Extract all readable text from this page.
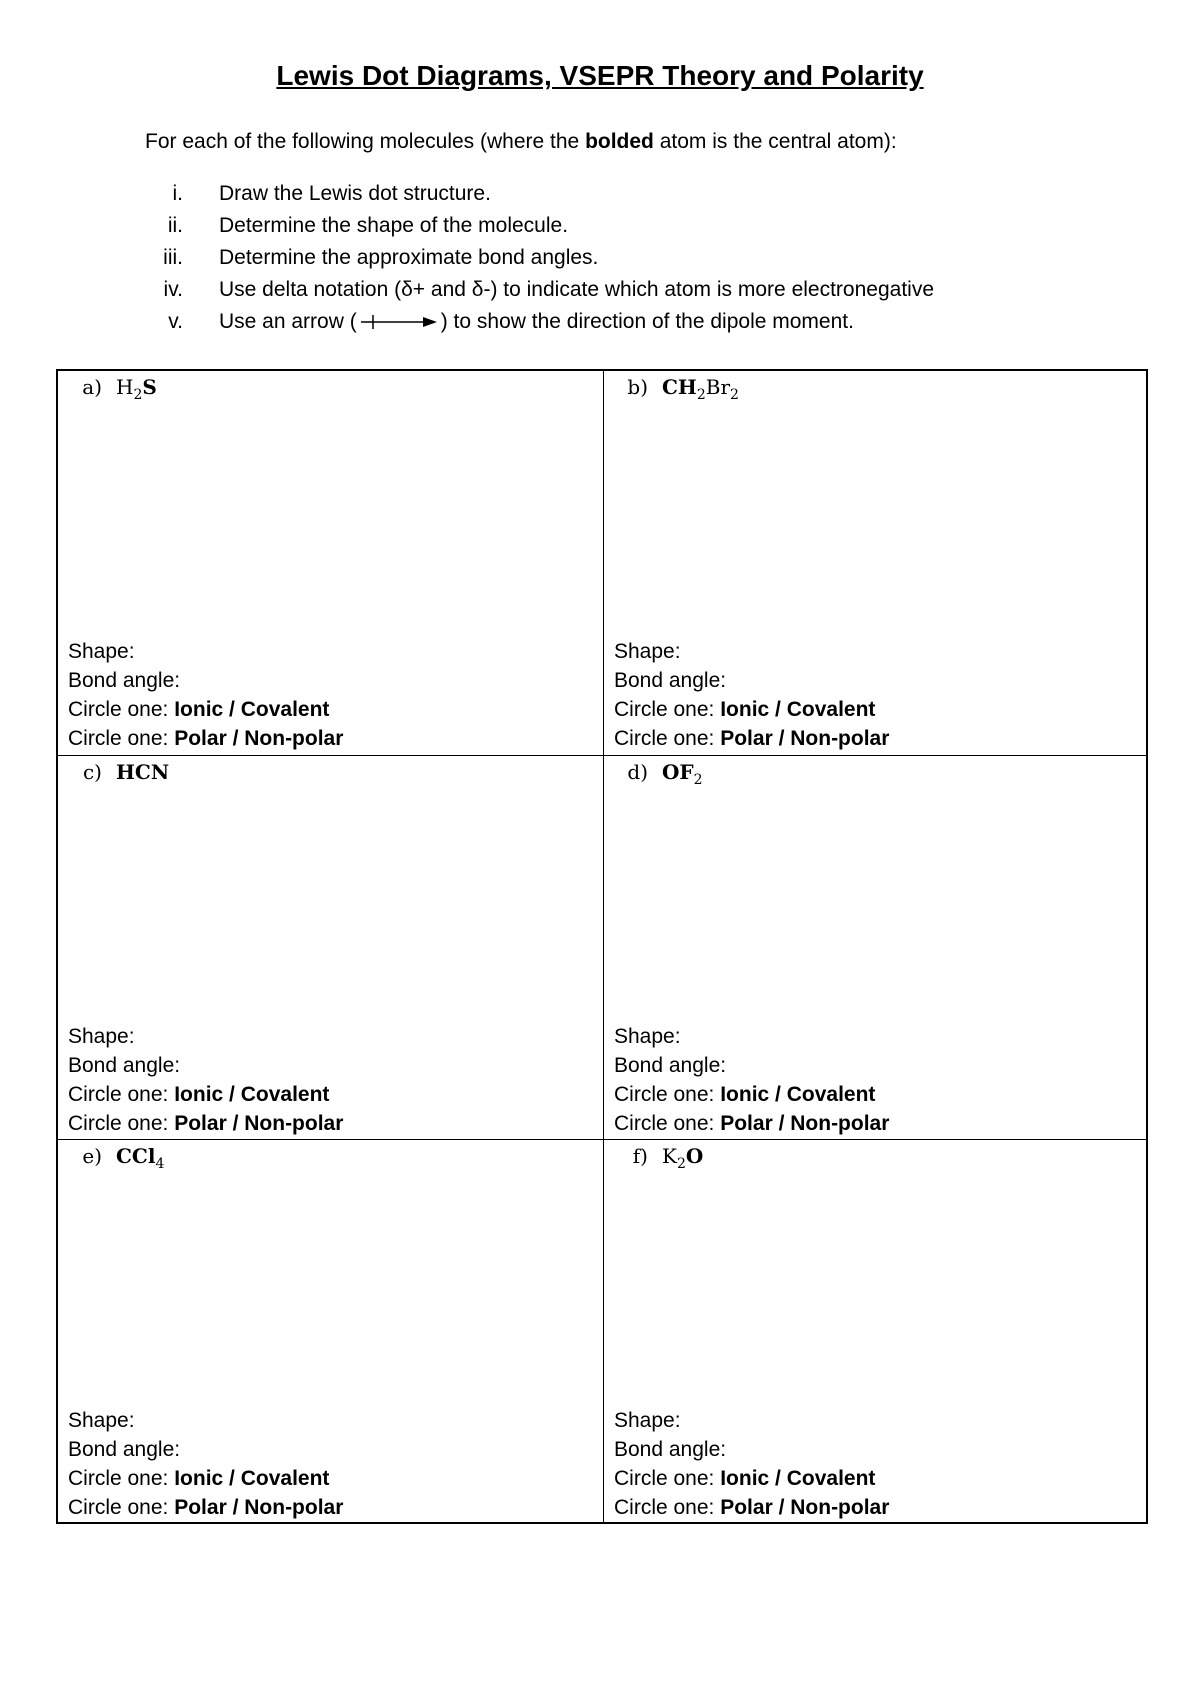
Lewis Dot Diagrams, VSEPR Theory and Polarity
For each of the following molecules (where the bolded atom is the central atom):
i.	Draw the Lewis dot structure.
ii.	Determine the shape of the molecule.
iii.	Determine the approximate bond angles.
iv.	Use delta notation (δ+ and δ-) to indicate which atom is more electronegative
v.	Use an arrow (	) to show the direction of the dipole moment.
a) $H_2S$
Shape:
Bond angle:
Circle one: Ionic / Covalent
Circle one: Polar / Non-polar
b) $CH_2Br_2$
Shape:
Bond angle:
Circle one: Ionic / Covalent
Circle one: Polar / Non-polar
c) HCN
Shape:
Bond angle:
Circle one: Ionic / Covalent
Circle one: Polar / Non-polar
d) $OF_2$
Shape:
Bond angle:
Circle one: Ionic / Covalent
Circle one: Polar / Non-polar
e) CCl$_4$
Shape:
Bond angle:
Circle one: Ionic / Covalent
Circle one: Polar / Non-polar
f) $K_2O$
Shape:
Bond angle:
Circle one: Ionic / Covalent
Circle one: Polar / Non-polar
